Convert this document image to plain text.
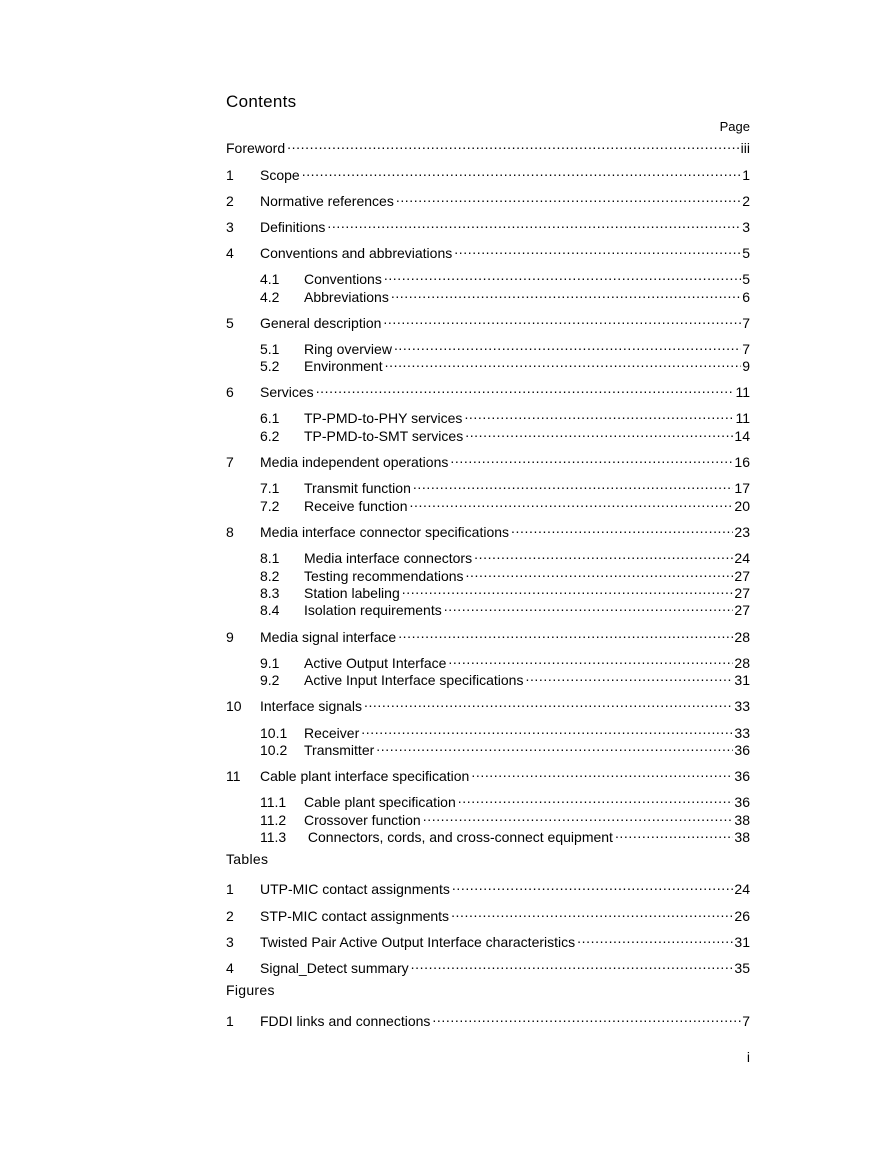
Contents
Page
Foreword .....	iii
1	Scope .....	1
2	Normative references .....	2
3	Definitions .....	3
4	Conventions and abbreviations .....	5
4.1	Conventions .....	5
4.2	Abbreviations .....	6
5	General description .....	7
5.1	Ring overview .....	7
5.2	Environment .....	9
6	Services .....	11
6.1	TP-PMD-to-PHY services .....	11
6.2	TP-PMD-to-SMT services .....	14
7	Media independent operations .....	16
7.1	Transmit function .....	17
7.2	Receive function .....	20
8	Media interface connector specifications .....	23
8.1	Media interface connectors .....	24
8.2	Testing recommendations .....	27
8.3	Station labeling .....	27
8.4	Isolation requirements .....	27
9	Media signal interface .....	28
9.1	Active Output Interface .....	28
9.2	Active Input Interface specifications .....	31
10	Interface signals .....	33
10.1	Receiver .....	33
10.2	Transmitter .....	36
11	Cable plant interface specification .....	36
11.1	Cable plant specification .....	36
11.2	Crossover function .....	38
11.3	Connectors, cords, and cross-connect equipment .....	38
Tables
1	UTP-MIC contact assignments .....	24
2	STP-MIC contact assignments .....	26
3	Twisted Pair Active Output Interface characteristics .....	31
4	Signal_Detect summary .....	35
Figures
1	FDDI links and connections .....	7
i
